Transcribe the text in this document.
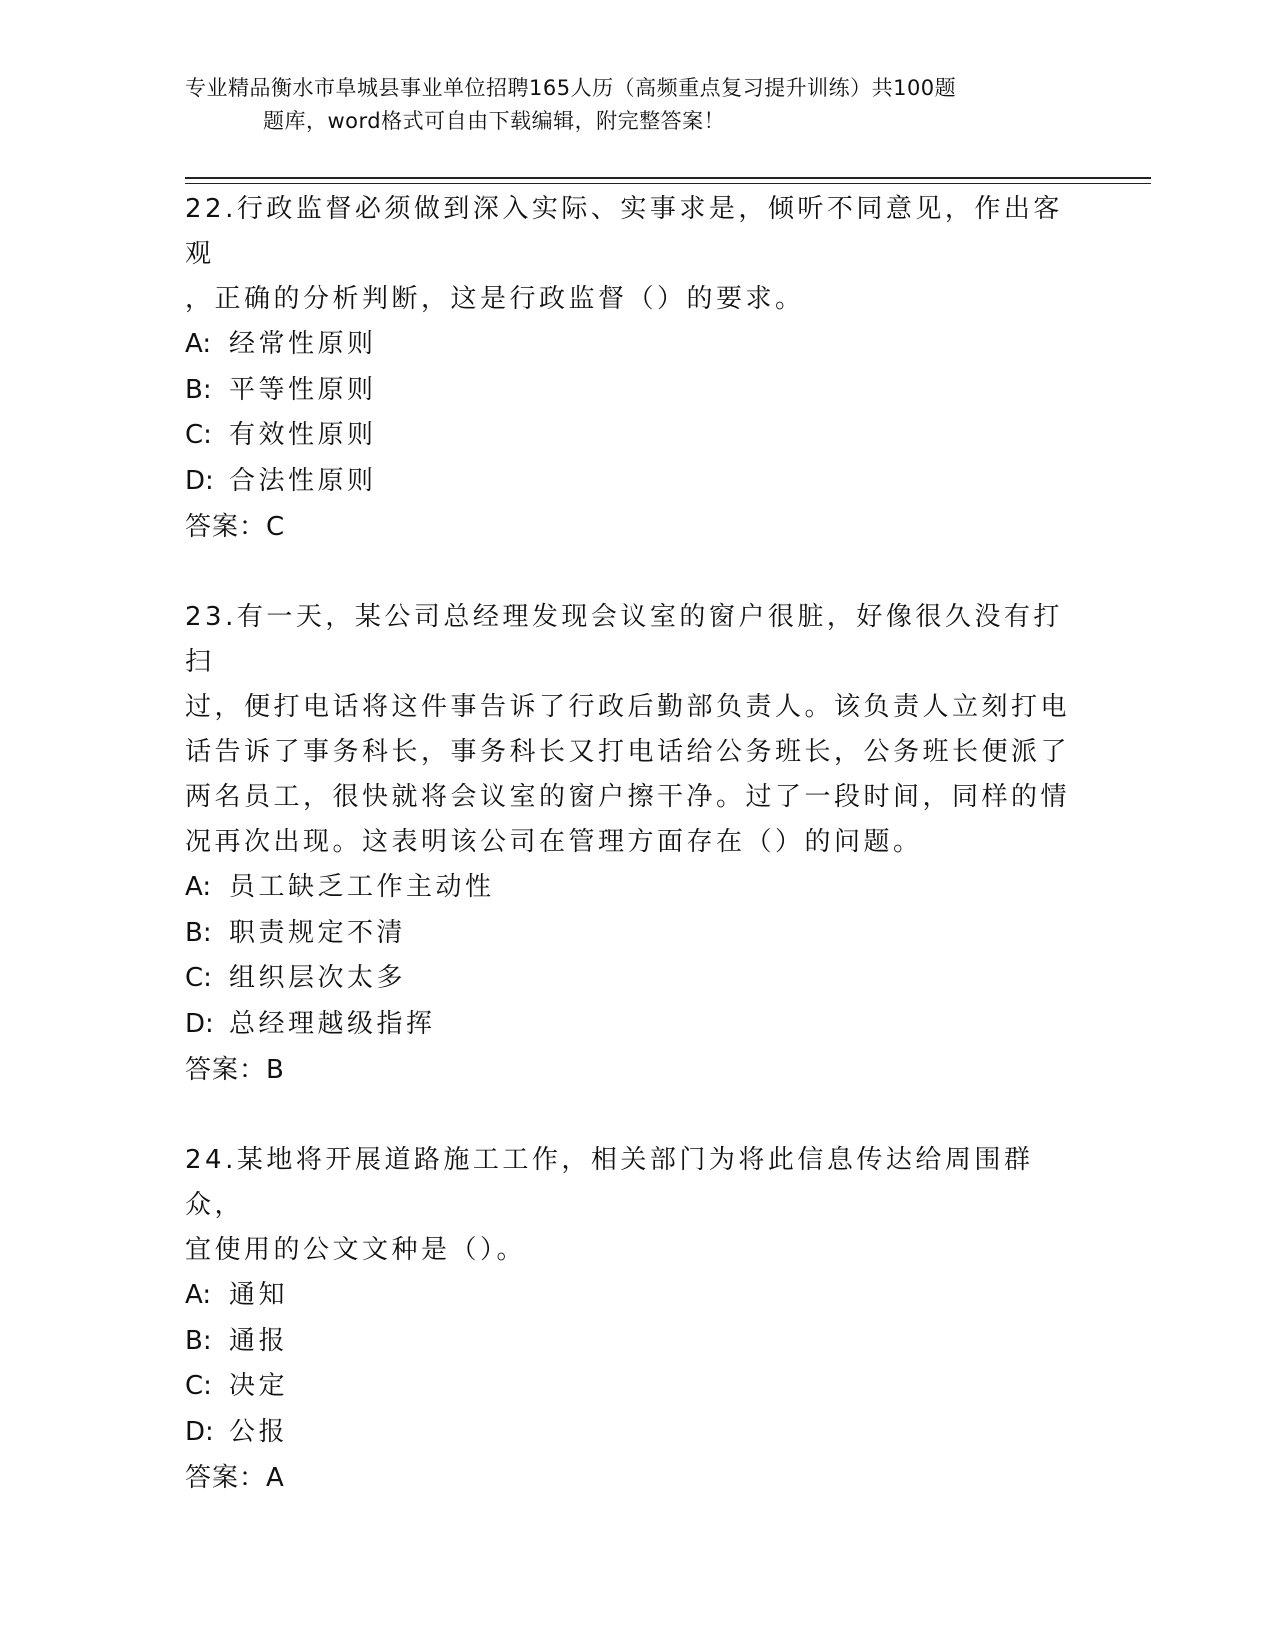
专业精品衡水市阜城县事业单位招聘165人历（高频重点复习提升训练）共100题
题库，word格式可自由下载编辑，附完整答案！
22.行政监督必须做到深入实际、实事求是，倾听不同意见，作出客观
，正确的分析判断，这是行政监督（）的要求。
A: 经常性原则
B: 平等性原则
C: 有效性原则
D: 合法性原则
答案：C
23.有一天，某公司总经理发现会议室的窗户很脏，好像很久没有打扫
过，便打电话将这件事告诉了行政后勤部负责人。该负责人立刻打电
话告诉了事务科长，事务科长又打电话给公务班长，公务班长便派了
两名员工，很快就将会议室的窗户擦干净。过了一段时间，同样的情
况再次出现。这表明该公司在管理方面存在（）的问题。
A: 员工缺乏工作主动性
B: 职责规定不清
C: 组织层次太多
D: 总经理越级指挥
答案：B
24.某地将开展道路施工工作，相关部门为将此信息传达给周围群众，
宜使用的公文文种是（）。
A: 通知
B: 通报
C: 决定
D: 公报
答案：A
